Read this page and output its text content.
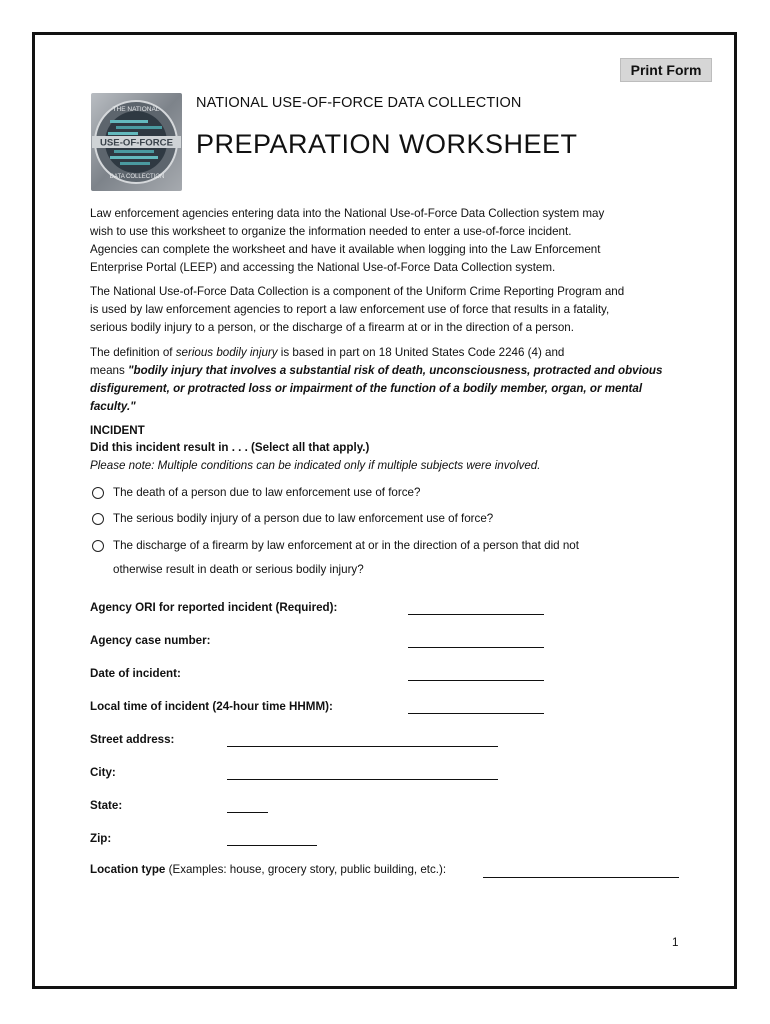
Print Form
USE-OF-FORCE
THE NATIONAL
DATA COLLECTION
NATIONAL USE-OF-FORCE DATA COLLECTION
PREPARATION WORKSHEET
Law enforcement agencies entering data into the National Use-of-Force Data Collection system may
wish to use this worksheet to organize the information needed to enter a use-of-force incident.
Agencies can complete the worksheet and have it available when logging into the Law Enforcement
Enterprise Portal (LEEP) and accessing the National Use-of-Force Data Collection system.
The National Use-of-Force Data Collection is a component of the Uniform Crime Reporting Program and
is used by law enforcement agencies to report a law enforcement use of force that results in a fatality,
serious bodily injury to a person, or the discharge of a firearm at or in the direction of a person.
The definition of serious bodily injury is based in part on 18 United States Code 2246 (4) and
means "bodily injury that involves a substantial risk of death, unconsciousness, protracted and obvious
disfigurement, or protracted loss or impairment of the function of a bodily member, organ, or mental
faculty."
INCIDENT
Did this incident result in . . . (Select all that apply.)
Please note: Multiple conditions can be indicated only if multiple subjects were involved.
The death of a person due to law enforcement use of force?
The serious bodily injury of a person due to law enforcement use of force?
The discharge of a firearm by law enforcement at or in the direction of a person that did not
otherwise result in death or serious bodily injury?
Agency ORI for reported incident (Required):
Agency case number:
Date of incident:
Local time of incident (24-hour time HHMM):
Street address:
City:
State:
Zip:
Location type (Examples: house, grocery story, public building, etc.):
1
